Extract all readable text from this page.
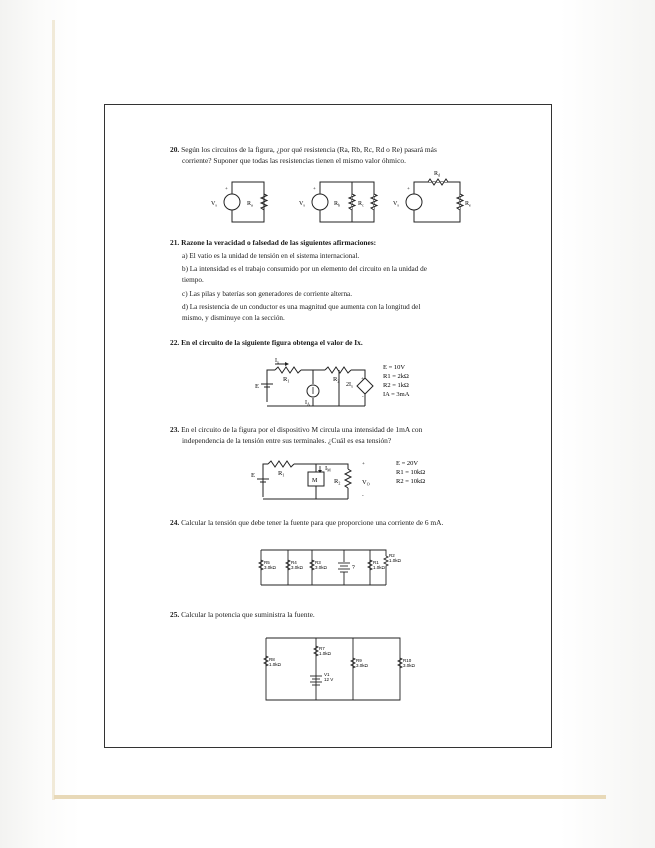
20. Según los circuitos de la figura, ¿por qué resistencia (Ra, Rb, Rc, Rd o Re) pasará más
corriente? Suponer que todas las resistencias tienen el mismo valor óhmico.
+
$V_s$	$R_a$
+
$V_s$	$R_b$	$R_c$
+
$V_s$
$R_d$
$R_e$
21. Razone la veracidad o falsedad de las siguientes afirmaciones:
a) El vatio es la unidad de tensión en el sistema internacional.
b) La intensidad es el trabajo consumido por un elemento del circuito en la unidad de
tiempo.
c) Las pilas y baterías son generadores de corriente alterna.
d) La resistencia de un conductor es una magnitud que aumenta con la longitud del
mismo, y disminuye con la sección.
22. En el circuito de la siguiente figura obtenga el valor de Ix.
$I_x$
$R_1$	$R_2$
E
$I_A$
$2I_x$
+
-
E = 10V
R1 = 2kΩ
R2 = 1kΩ
IA = 3mA
23. En el circuito de la figura por el dispositivo M circula una intensidad de 1mA con
independencia de la tensión entre sus terminales. ¿Cuál es esa tensión?
E	$R_1$
$I_M$
M	$R_2$
+
$V_O$
-
E = 20V
R1 = 10kΩ
R2 = 10kΩ
24. Calcular la tensión que debe tener la fuente para que proporcione una corriente de 6 mA.
R5
3.0kΩ
R4
3.0kΩ
R3
3.0kΩ	?
R1
1.0kΩ
R2
1.0kΩ
25. Calcular la potencia que suministra la fuente.
R8
1.0kΩ
R7
1.0kΩ
V1
12 V
R9
3.0kΩ
R10
3.0kΩ
